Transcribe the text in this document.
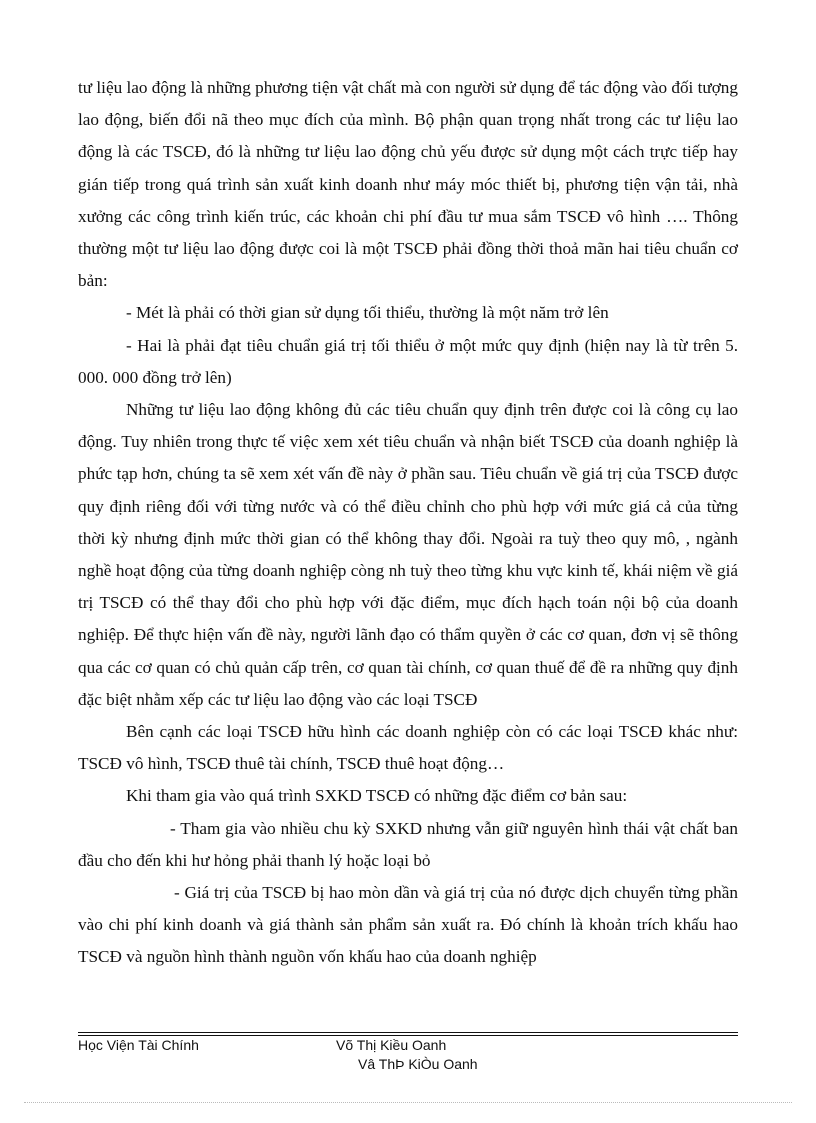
tư liệu lao động là những phương tiện vật chất mà con người sử dụng để tác động vào đối tượng lao động, biến đổi nã theo mục đích của mình. Bộ phận quan trọng nhất trong các tư liệu lao động là các TSCĐ, đó là những tư liệu lao động chủ yếu được sử dụng một cách trực tiếp hay gián tiếp trong quá trình sản xuất kinh doanh như máy móc thiết bị, phương tiện vận tải, nhà xưởng các công trình kiến trúc, các khoản chi phí đầu tư mua sắm TSCĐ vô hình …. Thông thường một tư liệu lao động được coi là một TSCĐ phải đồng thời thoả mãn hai tiêu chuẩn cơ bản:

- Mét là phải có thời gian sử dụng tối thiểu, thường là một năm trở lên

- Hai là phải đạt tiêu chuẩn giá trị tối thiểu ở một mức quy định (hiện nay là từ trên 5. 000. 000 đồng trở lên)

Những tư liệu lao động không đủ các tiêu chuẩn quy định trên được coi là công cụ lao động. Tuy nhiên trong thực tế việc xem xét tiêu chuẩn và nhận biết TSCĐ của doanh nghiệp là phức tạp hơn, chúng ta sẽ xem xét vấn đề này ở phần sau. Tiêu chuẩn về giá trị của TSCĐ được quy định riêng đối với từng nước và có thể điều chỉnh cho phù hợp với mức giá cả của từng thời kỳ nhưng định mức thời gian có thể không thay đổi. Ngoài ra tuỳ theo quy mô, , ngành nghề hoạt động của từng doanh nghiệp còng nh tuỳ theo từng khu vực kinh tế, khái niệm về giá trị TSCĐ có thể thay đổi cho phù hợp với đặc điểm, mục đích hạch toán nội bộ của doanh nghiệp. Để thực hiện vấn đề này, người lãnh đạo có thẩm quyền ở các cơ quan, đơn vị sẽ thông qua các cơ quan có chủ quản cấp trên, cơ quan tài chính, cơ quan thuế để đề ra những quy định đặc biệt nhằm xếp các tư liệu lao động vào các loại TSCĐ

Bên cạnh các loại TSCĐ hữu hình các doanh nghiệp còn có các loại TSCĐ khác như: TSCĐ vô hình, TSCĐ thuê tài chính, TSCĐ thuê hoạt động…

Khi tham gia vào quá trình SXKD TSCĐ có những đặc điểm cơ bản sau:

- Tham gia vào nhiều chu kỳ SXKD nhưng vẫn giữ nguyên hình thái vật chất ban đầu cho đến khi hư hỏng phải thanh lý hoặc loại bỏ

- Giá trị của TSCĐ bị hao mòn dần và giá trị của nó được dịch chuyển từng phần vào chi phí kinh doanh và giá thành sản phẩm sản xuất ra. Đó chính là khoản trích khấu hao TSCĐ và nguồn hình thành nguồn vốn khấu hao của doanh nghiệp

Học Viện Tài Chính	Võ Thị Kiều Oanh
Vâ ThÞ KiÒu Oanh
